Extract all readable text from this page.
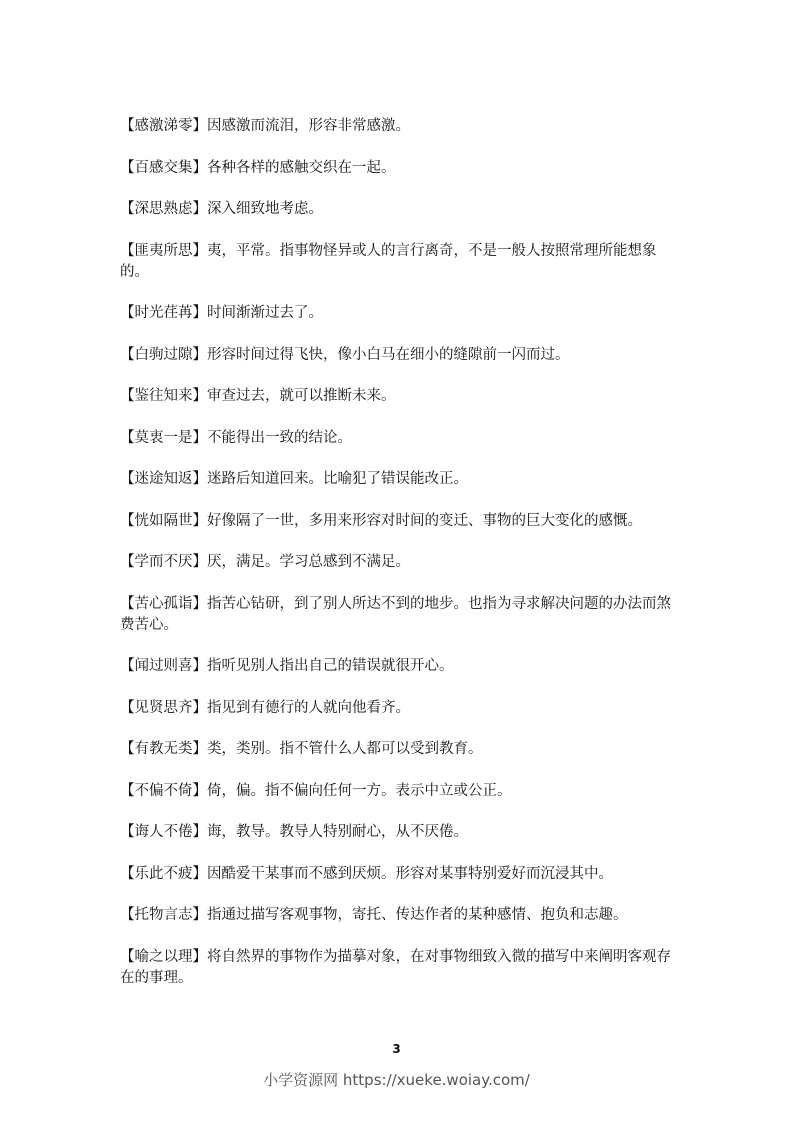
【感激涕零】因感激而流泪，形容非常感激。
【百感交集】各种各样的感触交织在一起。
【深思熟虑】深入细致地考虑。
【匪夷所思】夷，平常。指事物怪异或人的言行离奇，不是一般人按照常理所能想象的。
【时光荏苒】时间渐渐过去了。
【白驹过隙】形容时间过得飞快，像小白马在细小的缝隙前一闪而过。
【鉴往知来】审查过去，就可以推断未来。
【莫衷一是】不能得出一致的结论。
【迷途知返】迷路后知道回来。比喻犯了错误能改正。
【恍如隔世】好像隔了一世，多用来形容对时间的变迁、事物的巨大变化的感慨。
【学而不厌】厌，满足。学习总感到不满足。
【苦心孤诣】指苦心钻研，到了别人所达不到的地步。也指为寻求解决问题的办法而煞费苦心。
【闻过则喜】指听见别人指出自己的错误就很开心。
【见贤思齐】指见到有德行的人就向他看齐。
【有教无类】类，类别。指不管什么人都可以受到教育。
【不偏不倚】倚，偏。指不偏向任何一方。表示中立或公正。
【诲人不倦】诲，教导。教导人特别耐心，从不厌倦。
【乐此不疲】因酷爱干某事而不感到厌烦。形容对某事特别爱好而沉浸其中。
【托物言志】指通过描写客观事物，寄托、传达作者的某种感情、抱负和志趣。
【喻之以理】将自然界的事物作为描摹对象，在对事物细致入微的描写中来阐明客观存在的事理。
3
小学资源网 https://xueke.woiay.com/
